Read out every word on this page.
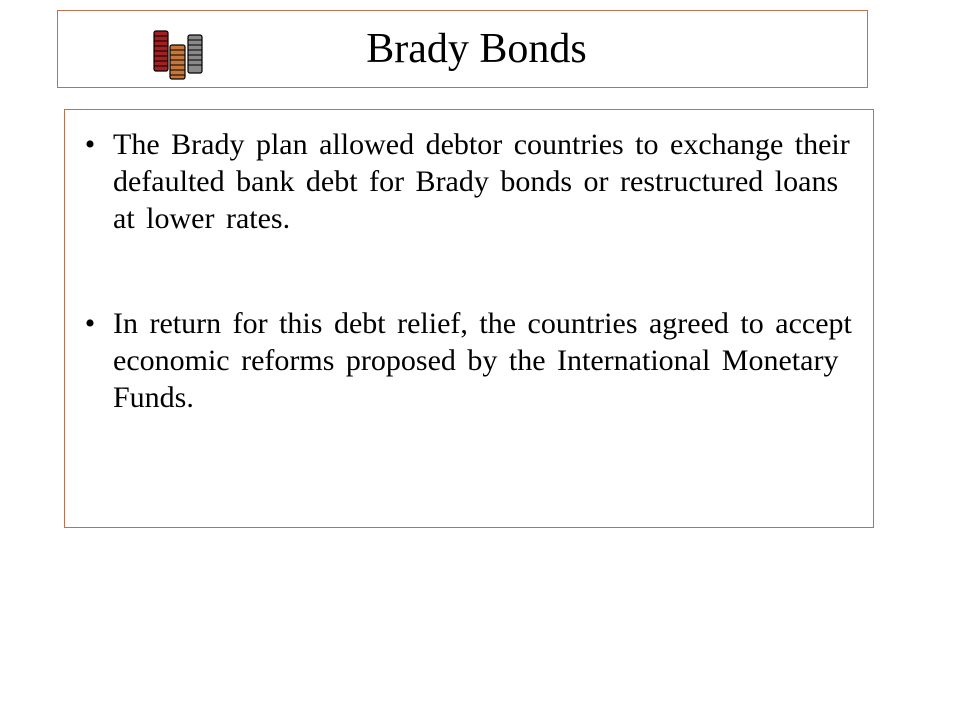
Brady Bonds
• The Brady plan allowed debtor countries to exchange their defaulted bank debt for Brady bonds or restructured loans at lower rates.
• In return for this debt relief, the countries agreed to accept economic reforms proposed by the International Monetary Funds.
